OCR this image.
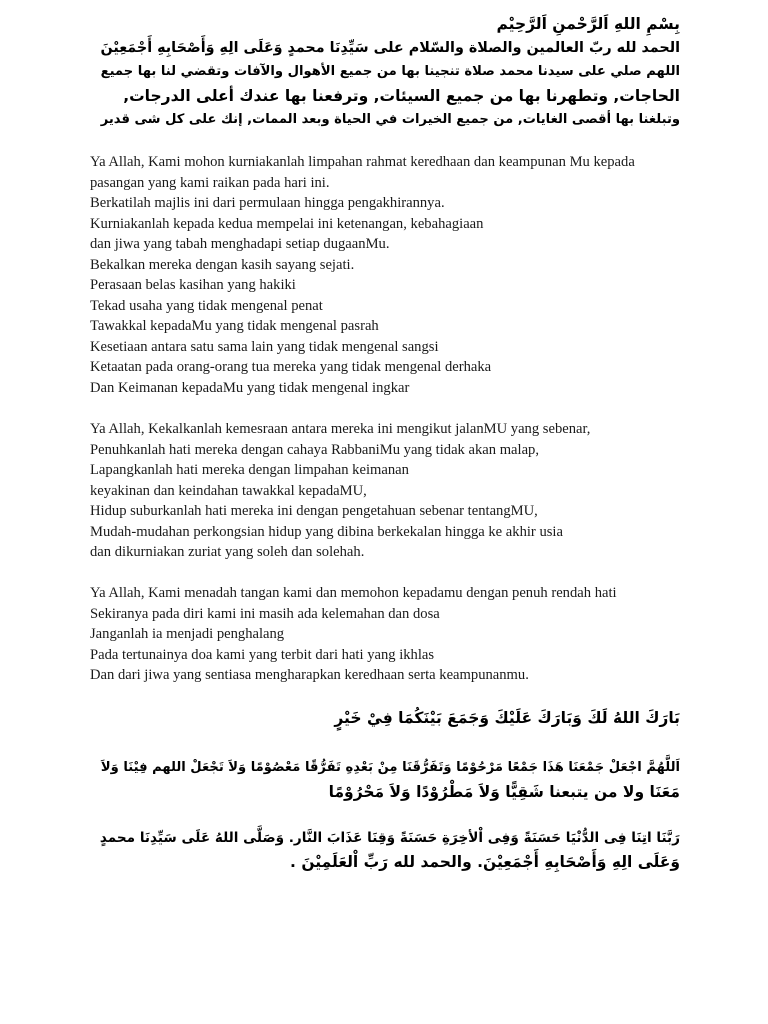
بِسْمِ اللهِ اَلرَّحْمنِ اَلرَّحِيْم
الحمد لله ربّ العالمين والصلاة والسّلام على سَيِّدِنَا محمدٍ وَعَلَى الِهِ وَأَصْحَابِهِ أَجْمَعِيْنَ
اللهم صلي على سيدنا محمد صلاة تنجينا بها من جميع الأهوال والآفات وتقضي لنا بها جميع
الحاجات, وتطهرنا بها من جميع السيئات, وترفعنا بها عندك أعلى الدرجات,
وتبلغنا بها أقصى الغايات, من جميع الخيرات في الحياة وبعد الممات, إنك على كل شى قدير
Ya Allah, Kami mohon kurniakanlah limpahan rahmat keredhaan dan keampunan Mu kepada
pasangan yang kami raikan pada hari ini.
Berkatilah majlis ini dari permulaan hingga pengakhirannya.
Kurniakanlah kepada kedua mempelai ini ketenangan, kebahagiaan
dan jiwa yang tabah menghadapi setiap dugaanMu.
Bekalkan mereka dengan kasih sayang sejati.
Perasaan belas kasihan yang hakiki
Tekad usaha yang tidak mengenal penat
Tawakkal kepadaMu yang tidak mengenal pasrah
Kesetiaan antara satu sama lain yang tidak mengenal sangsi
Ketaatan pada orang-orang tua mereka yang tidak mengenal derhaka
Dan Keimanan kepadaMu yang tidak mengenal ingkar
Ya Allah, Kekalkanlah kemesraan antara mereka ini mengikut jalanMU yang sebenar,
Penuhkanlah hati mereka dengan cahaya RabbaniMu yang tidak akan malap,
Lapangkanlah hati mereka dengan limpahan keimanan
keyakinan dan keindahan tawakkal kepadaMU,
Hidup suburkanlah hati mereka ini dengan pengetahuan sebenar tentangMU,
Mudah-mudahan perkongsian hidup yang dibina berkekalan hingga ke akhir usia
dan dikurniakan zuriat yang soleh dan solehah.
Ya Allah, Kami menadah tangan kami dan memohon kepadamu dengan penuh rendah hati
Sekiranya pada diri kami ini masih ada kelemahan dan dosa
Janganlah ia menjadi penghalang
Pada tertunainya doa kami yang terbit dari hati yang ikhlas
Dan dari jiwa yang sentiasa mengharapkan keredhaan serta keampunanmu.
بَارَكَ اللهُ لَكَ وَبَارَكَ عَلَيْكَ وَجَمَعَ بَيْنَكُمَا فِيْ خَيْرٍ
اَللَّهُمَّ اجْعَلْ جَمْعَنَا هَذَا جَمْعًا مَرْحُوْمًا وَتَفَرُّقَنَا مِنْ بَعْدِهِ تَفَرُّقًا مَعْصُوْمًا وَلاَ تَجْعَلْ اللهم فِيْنَا وَلاَ
مَعَنَا ولا من يتبعنا شَقِيًّا وَلاَ مَطْرُوْدًا وَلاَ مَحْرُوْمًا
رَبَّنَا اتِنَا فِى الدُّنْيَا حَسَنَةً وَفِى اْلأخِرَةِ حَسَنَةً وَقِنَا عَذَابَ النَّار. وَصَلَّى اللهُ عَلَى سَيِّدِنَا محمدٍ
وَعَلَى الِهِ وَأَصْحَابِهِ أَجْمَعِيْنَ. والحمد لله رَبِّ اْلعَلَمِيْنَ .
